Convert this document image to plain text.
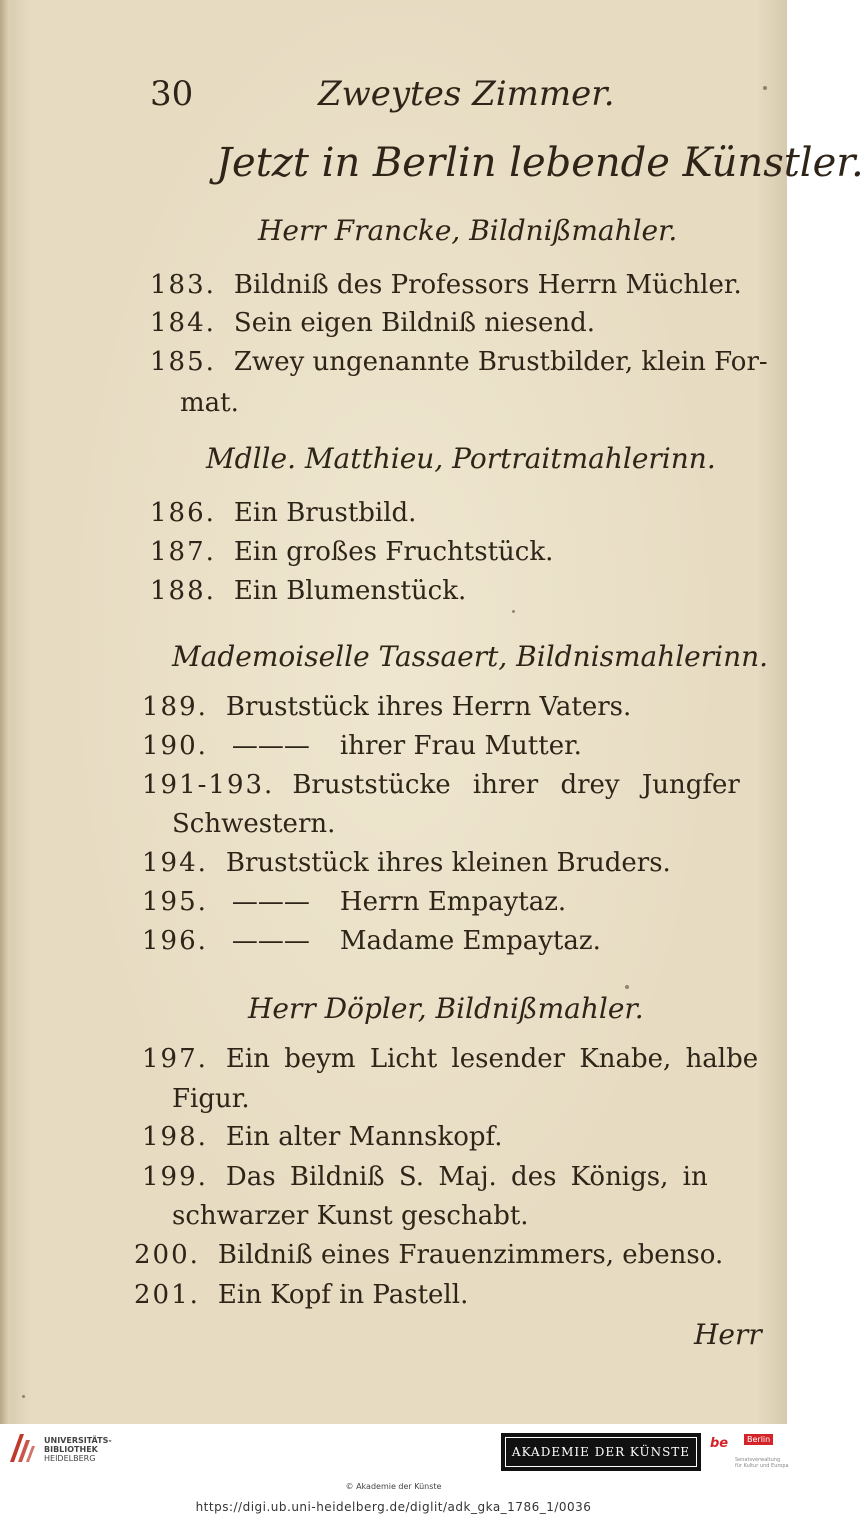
30	Zweytes Zimmer.
Jetzt in Berlin lebende Künstler.
Herr Francke, Bildnißmahler.
183. Bildniß des Professors Herrn Müchler.
184. Sein eigen Bildniß niesend.
185. Zwey ungenannte Brustbilder, klein For-
mat.
Mdlle. Matthieu, Portraitmahlerinn.
186. Ein Brustbild.
187. Ein großes Fruchtstück.
188. Ein Blumenstück.
Mademoiselle Tassaert, Bildnismahlerinn.
189. Bruststück ihres Herrn Vaters.
190. ——— ihrer Frau Mutter.
191-193. Bruststücke ihrer drey Jungfer
Schwestern.
194. Bruststück ihres kleinen Bruders.
195. ——— Herrn Empaytaz.
196. ——— Madame Empaytaz.
Herr Döpler, Bildnißmahler.
197. Ein beym Licht lesender Knabe, halbe
Figur.
198. Ein alter Mannskopf.
199. Das Bildniß S. Maj. des Königs, in
schwarzer Kunst geschabt.
200. Bildniß eines Frauenzimmers, ebenso.
201. Ein Kopf in Pastell.
Herr
UNIVERSITÄTS-
BIBLIOTHEK
HEIDELBERG	AKADEMIE DER KÜNSTE
be	Berlin
Senatsverwaltung
für Kultur und Europa
© Akademie der Künste
https://digi.ub.uni-heidelberg.de/diglit/adk_gka_1786_1/0036
